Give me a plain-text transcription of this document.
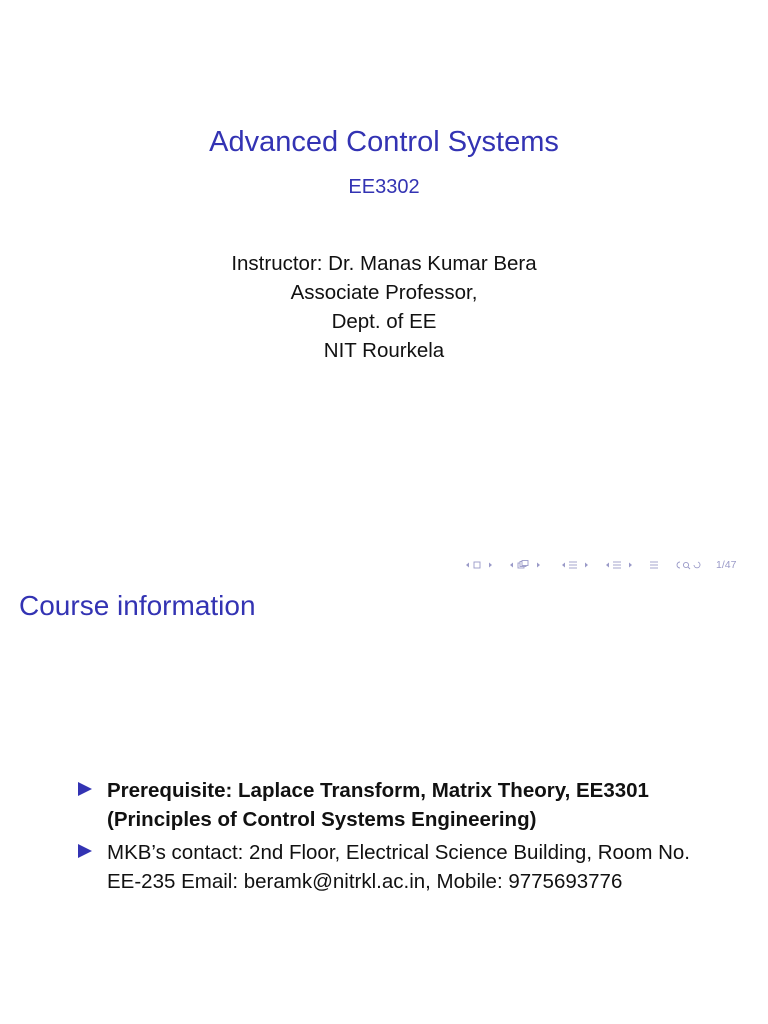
Advanced Control Systems
EE3302
Instructor: Dr. Manas Kumar Bera
Associate Professor,
Dept. of EE
NIT Rourkela
1/47
Course information
Prerequisite: Laplace Transform, Matrix Theory, EE3301 (Principles of Control Systems Engineering)
MKB’s contact: 2nd Floor, Electrical Science Building, Room No. EE-235 Email: beramk@nitrkl.ac.in, Mobile: 9775693776
